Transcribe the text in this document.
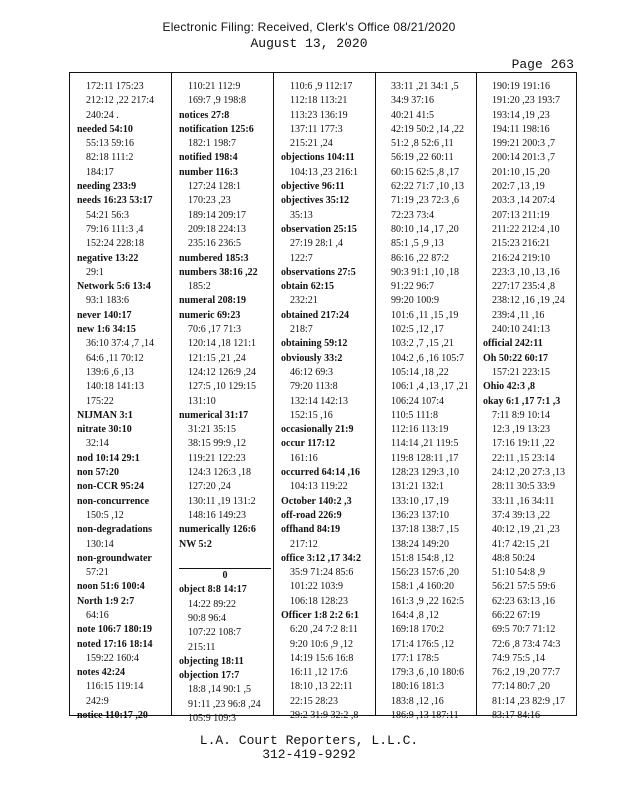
Electronic Filing: Received, Clerk's Office 08/21/2020
August 13, 2020
Page 263
172:11 175:23
212:12 ,22 217:4
240:24 .
needed 54:10
55:13 59:16
82:18 111:2
184:17
needing 233:9
needs 16:23 53:17
54:21 56:3
79:16 111:3 ,4
152:24 228:18
negative 13:22
29:1
Network 5:6 13:4
93:1 183:6
never 140:17
new 1:6 34:15
36:10 37:4 ,7 ,14
64:6 ,11 70:12
139:6 ,6 ,13
140:18 141:13
175:22
NIJMAN 3:1
nitrate 30:10
32:14
nod 10:14 29:1
non 57:20
non-CCR 95:24
non-concurrence
150:5 ,12
non-degradations
130:14
non-groundwater
57:21
noon 51:6 100:4
North 1:9 2:7
64:16
note 106:7 180:19
noted 17:16 18:14
159:22 160:4
notes 42:24
116:15 119:14
242:9
notice 110:17 ,20
110:21 112:9
169:7 ,9 198:8
notices 27:8
notification 125:6
182:1 198:7
notified 198:4
number 116:3
127:24 128:1
170:23 ,23
189:14 209:17
209:18 224:13
235:16 236:5
numbered 185:3
numbers 38:16 ,22
185:2
numeral 208:19
numeric 69:23
70:6 ,17 71:3
120:14 ,18 121:1
121:15 ,21 ,24
124:12 126:9 ,24
127:5 ,10 129:15
131:10
numerical 31:17
31:21 35:15
38:15 99:9 ,12
119:21 122:23
124:3 126:3 ,18
127:20 ,24
130:11 ,19 131:2
148:16 149:23
numerically 126:6
NW 5:2
0
object 8:8 14:17
14:22 89:22
90:8 96:4
107:22 108:7
215:11
objecting 18:11
objection 17:7
18:8 ,14 90:1 ,5
91:11 ,23 96:8 ,24
105:9 109:3
110:6 ,9 112:17
112:18 113:21
113:23 136:19
137:11 177:3
215:21 ,24
objections 104:11
104:13 ,23 216:1
objective 96:11
objectives 35:12
35:13
observation 25:15
27:19 28:1 ,4
122:7
observations 27:5
obtain 62:15
232:21
obtained 217:24
218:7
obtaining 59:12
obviously 33:2
46:12 69:3
79:20 113:8
132:14 142:13
152:15 ,16
occasionally 21:9
occur 117:12
161:16
occurred 64:14 ,16
104:13 119:22
October 140:2 ,3
off-road 226:9
offhand 84:19
217:12
office 3:12 ,17 34:2
35:9 71:24 85:6
101:22 103:9
106:18 128:23
Officer 1:8 2:2 6:1
6:20 ,24 7:2 8:11
9:20 10:6 ,9 ,12
14:19 15:6 16:8
16:11 ,12 17:6
18:10 ,13 22:11
22:15 28:23
29:2 31:9 32:2 ,8
33:11 ,21 34:1 ,5
34:9 37:16
40:21 41:5
42:19 50:2 ,14 ,22
51:2 ,8 52:6 ,11
56:19 ,22 60:11
60:15 62:5 ,8 ,17
62:22 71:7 ,10 ,13
71:19 ,23 72:3 ,6
72:23 73:4
80:10 ,14 ,17 ,20
85:1 ,5 ,9 ,13
86:16 ,22 87:2
90:3 91:1 ,10 ,18
91:22 96:7
99:20 100:9
101:6 ,11 ,15 ,19
102:5 ,12 ,17
103:2 ,7 ,15 ,21
104:2 ,6 ,16 105:7
105:14 ,18 ,22
106:1 ,4 ,13 ,17 ,21
106:24 107:4
110:5 111:8
112:16 113:19
114:14 ,21 119:5
119:8 128:11 ,17
128:23 129:3 ,10
131:21 132:1
133:10 ,17 ,19
136:23 137:10
137:18 138:7 ,15
138:24 149:20
151:8 154:8 ,12
156:23 157:6 ,20
158:1 ,4 160:20
161:3 ,9 ,22 162:5
164:4 ,8 ,12
169:18 170:2
171:4 176:5 ,12
177:1 178:5
179:3 ,6 ,10 180:6
180:16 181:3
183:8 ,12 ,16
186:9 ,13 187:11
190:19 191:16
191:20 ,23 193:7
193:14 ,19 ,23
194:11 198:16
199:21 200:3 ,7
200:14 201:3 ,7
201:10 ,15 ,20
202:7 ,13 ,19
203:3 ,14 207:4
207:13 211:19
211:22 212:4 ,10
215:23 216:21
216:24 219:10
223:3 ,10 ,13 ,16
227:17 235:4 ,8
238:12 ,16 ,19 ,24
239:4 ,11 ,16
240:10 241:13
official 242:11
Oh 50:22 60:17
157:21 223:15
Ohio 42:3 ,8
okay 6:1 ,17 7:1 ,3
7:11 8:9 10:14
12:3 ,19 13:23
17:16 19:11 ,22
22:11 ,15 23:14
24:12 ,20 27:3 ,13
28:11 30:5 33:9
33:11 ,16 34:11
37:4 39:13 ,22
40:12 ,19 ,21 ,23
41:7 42:15 ,21
48:8 50:24
51:10 54:8 ,9
56:21 57:5 59:6
62:23 63:13 ,16
66:22 67:19
69:5 70:7 71:12
72:6 ,8 73:4 74:3
74:9 75:5 ,14
76:2 ,19 ,20 77:7
77:14 80:7 ,20
81:14 ,23 82:9 ,17
83:17 84:16
L.A. Court Reporters, L.L.C.
312-419-9292
